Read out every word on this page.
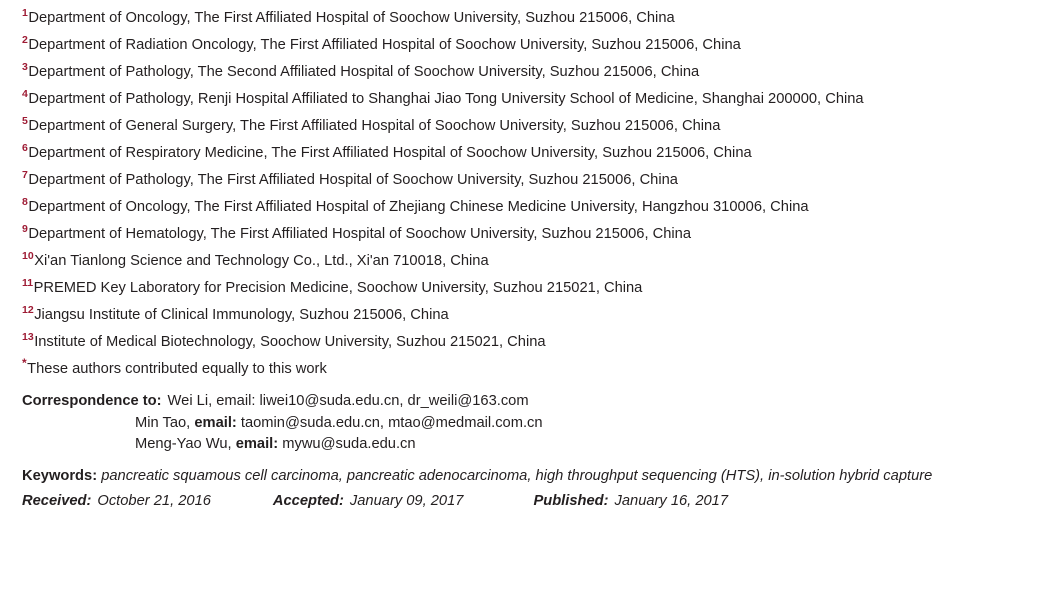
$^1$Department of Oncology, The First Affiliated Hospital of Soochow University, Suzhou 215006, China

$^2$Department of Radiation Oncology, The First Affiliated Hospital of Soochow University, Suzhou 215006, China

$^3$Department of Pathology, The Second Affiliated Hospital of Soochow University, Suzhou 215006, China

$^4$Department of Pathology, Renji Hospital Affiliated to Shanghai Jiao Tong University School of Medicine, Shanghai 200000, China

$^5$Department of General Surgery, The First Affiliated Hospital of Soochow University, Suzhou 215006, China

$^6$Department of Respiratory Medicine, The First Affiliated Hospital of Soochow University, Suzhou 215006, China

$^7$Department of Pathology, The First Affiliated Hospital of Soochow University, Suzhou 215006, China

$^8$Department of Oncology, The First Affiliated Hospital of Zhejiang Chinese Medicine University, Hangzhou 310006, China

$^9$Department of Hematology, The First Affiliated Hospital of Soochow University, Suzhou 215006, China

$^{10}$Xi'an Tianlong Science and Technology Co., Ltd., Xi'an 710018, China

$^{11}$PREMED Key Laboratory for Precision Medicine, Soochow University, Suzhou 215021, China

$^{12}$Jiangsu Institute of Clinical Immunology, Suzhou 215006, China

$^{13}$Institute of Medical Biotechnology, Soochow University, Suzhou 215021, China

*These authors contributed equally to this work

Correspondence to: Wei Li, email: liwei10@suda.edu.cn, dr_weili@163.com
Min Tao, email: taomin@suda.edu.cn, mtao@medmail.com.cn
Meng-Yao Wu, email: mywu@suda.edu.cn
Keywords: pancreatic squamous cell carcinoma, pancreatic adenocarcinoma, high throughput sequencing (HTS), in-solution hybrid capture
Received: October 21, 2016	Accepted: January 09, 2017	Published: January 16, 2017
